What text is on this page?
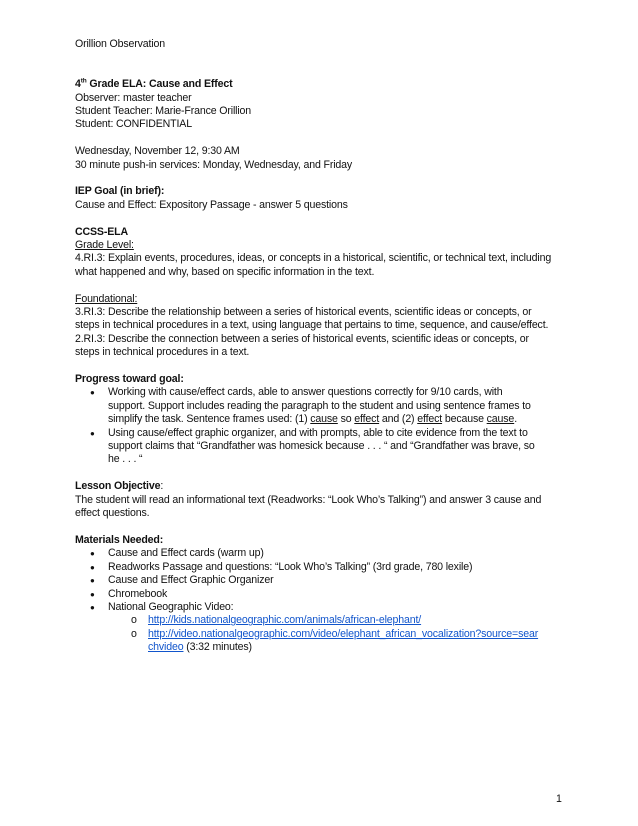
Orillion Observation
4th Grade ELA: Cause and Effect
Observer: master teacher
Student Teacher: Marie-France Orillion
Student: CONFIDENTIAL
Wednesday, November 12, 9:30 AM
30 minute push-in services: Monday, Wednesday, and Friday
IEP Goal (in brief):
Cause and Effect: Expository Passage - answer 5 questions
CCSS-ELA
Grade Level:
4.RI.3: Explain events, procedures, ideas, or concepts in a historical, scientific, or technical text, including
what happened and why, based on specific information in the text.
Foundational:
3.RI.3: Describe the relationship between a series of historical events, scientific ideas or concepts, or
steps in technical procedures in a text, using language that pertains to time, sequence, and cause/effect.
2.RI.3: Describe the connection between a series of historical events, scientific ideas or concepts, or
steps in technical procedures in a text.
Progress toward goal:
● Working with cause/effect cards, able to answer questions correctly for 9/10 cards, with
support. Support includes reading the paragraph to the student and using sentence frames to
simplify the task. Sentence frames used: (1) cause so effect and (2) effect because cause.
● Using cause/effect graphic organizer, and with prompts, able to cite evidence from the text to
support claims that “Grandfather was homesick because . . . “ and “Grandfather was brave, so
he . . . “
Lesson Objective:
The student will read an informational text (Readworks: “Look Who’s Talking”) and answer 3 cause and
effect questions.
Materials Needed:
● Cause and Effect cards (warm up)
● Readworks Passage and questions: “Look Who’s Talking” (3rd grade, 780 lexile)
● Cause and Effect Graphic Organizer
● Chromebook
● National Geographic Video:
o http://kids.nationalgeographic.com/animals/african-elephant/
o http://video.nationalgeographic.com/video/elephant_african_vocalization?source=sear
chvideo (3:32 minutes)
1
